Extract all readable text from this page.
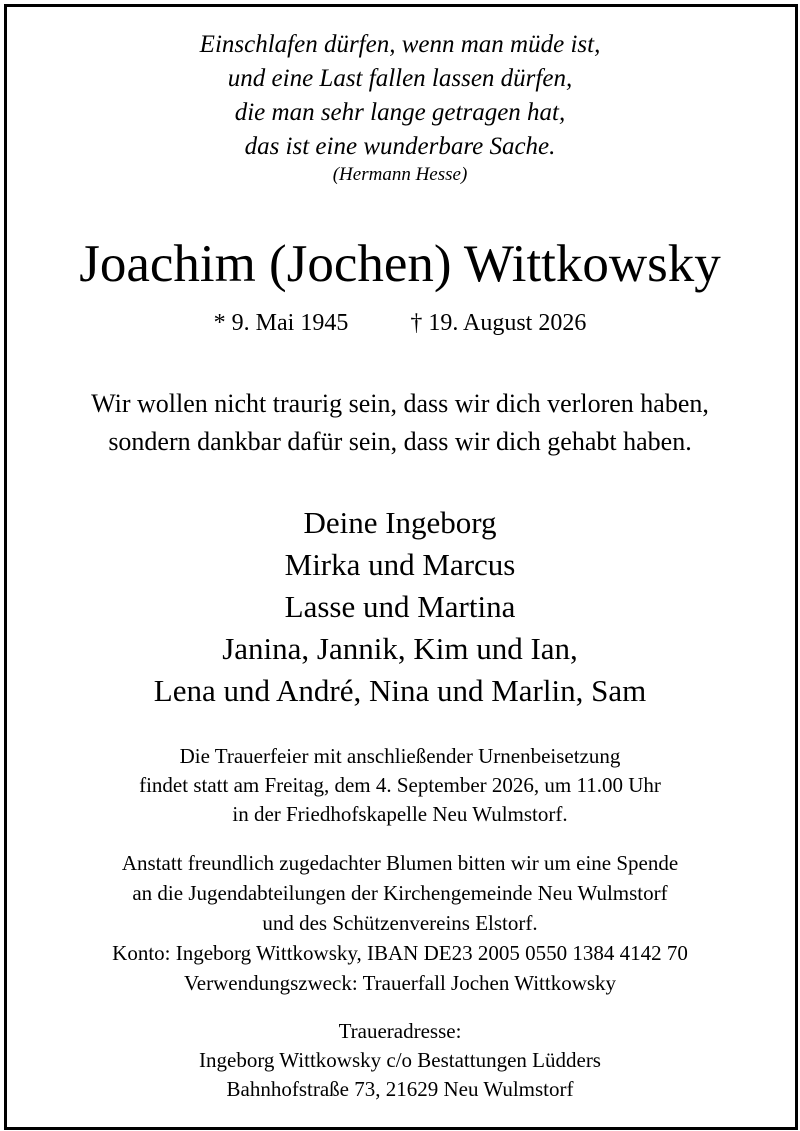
Einschlafen dürfen, wenn man müde ist,
und eine Last fallen lassen dürfen,
die man sehr lange getragen hat,
das ist eine wunderbare Sache.
(Hermann Hesse)
Joachim (Jochen) Wittkowsky
* 9. Mai 1945	† 19. August 2026
Wir wollen nicht traurig sein, dass wir dich verloren haben,
sondern dankbar dafür sein, dass wir dich gehabt haben.
Deine Ingeborg
Mirka und Marcus
Lasse und Martina
Janina, Jannik, Kim und Ian,
Lena und André, Nina und Marlin, Sam
Die Trauerfeier mit anschließender Urnenbeisetzung
findet statt am Freitag, dem 4. September 2026, um 11.00 Uhr
in der Friedhofskapelle Neu Wulmstorf.
Anstatt freundlich zugedachter Blumen bitten wir um eine Spende
an die Jugendabteilungen der Kirchengemeinde Neu Wulmstorf
und des Schützenvereins Elstorf.
Konto: Ingeborg Wittkowsky, IBAN DE23 2005 0550 1384 4142 70
Verwendungszweck: Trauerfall Jochen Wittkowsky
Traueradresse:
Ingeborg Wittkowsky c/o Bestattungen Lüdders
Bahnhofstraße 73, 21629 Neu Wulmstorf
